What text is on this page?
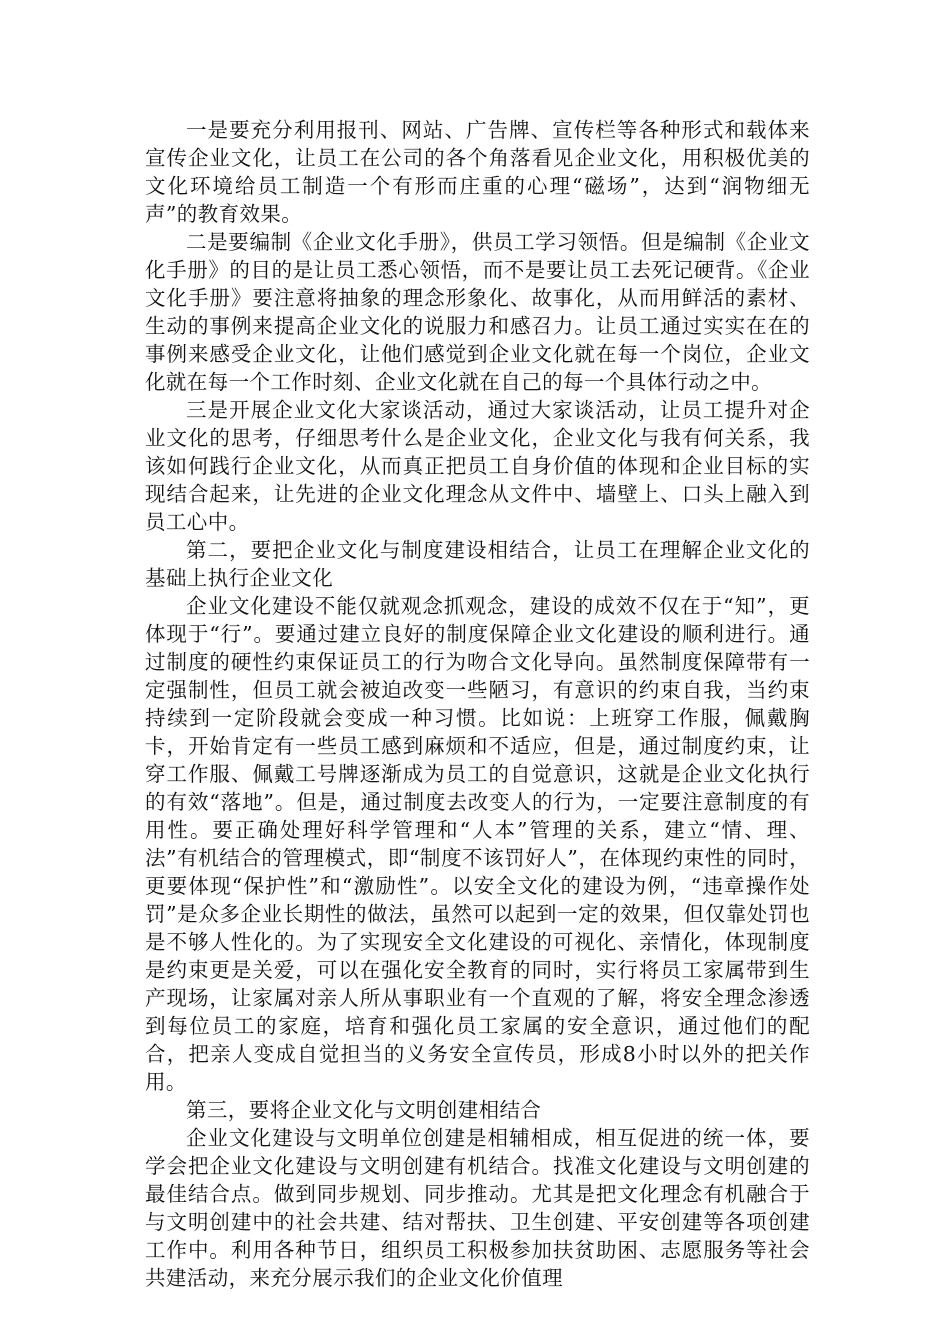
一是要充分利用报刊、网站、广告牌、宣传栏等各种形式和载体来宣传企业文化，让员工在公司的各个角落看见企业文化，用积极优美的文化环境给员工制造一个有形而庄重的心理“磁场”，达到“润物细无声”的教育效果。

二是要编制《企业文化手册》，供员工学习领悟。但是编制《企业文化手册》的目的是让员工悉心领悟，而不是要让员工去死记硬背。《企业文化手册》要注意将抽象的理念形象化、故事化，从而用鲜活的素材、生动的事例来提高企业文化的说服力和感召力。让员工通过实实在在的事例来感受企业文化，让他们感觉到企业文化就在每一个岗位，企业文化就在每一个工作时刻、企业文化就在自己的每一个具体行动之中。

三是开展企业文化大家谈活动，通过大家谈活动，让员工提升对企业文化的思考，仔细思考什么是企业文化，企业文化与我有何关系，我该如何践行企业文化，从而真正把员工自身价值的体现和企业目标的实现结合起来，让先进的企业文化理念从文件中、墙壁上、口头上融入到员工心中。

第二，要把企业文化与制度建设相结合，让员工在理解企业文化的基础上执行企业文化

企业文化建设不能仅就观念抓观念，建设的成效不仅在于“知”，更体现于“行”。要通过建立良好的制度保障企业文化建设的顺利进行。通过制度的硬性约束保证员工的行为吻合文化导向。虽然制度保障带有一定强制性，但员工就会被迫改变一些陋习，有意识的约束自我，当约束持续到一定阶段就会变成一种习惯。比如说：上班穿工作服，佩戴胸卡，开始肯定有一些员工感到麻烦和不适应，但是，通过制度约束，让穿工作服、佩戴工号牌逐渐成为员工的自觉意识，这就是企业文化执行的有效“落地”。但是，通过制度去改变人的行为，一定要注意制度的有用性。要正确处理好科学管理和“人本”管理的关系，建立“情、理、法”有机结合的管理模式，即“制度不该罚好人”，在体现约束性的同时，更要体现“保护性”和“激励性”。以安全文化的建设为例，“违章操作处罚”是众多企业长期性的做法，虽然可以起到一定的效果，但仅靠处罚也是不够人性化的。为了实现安全文化建设的可视化、亲情化，体现制度是约束更是关爱，可以在强化安全教育的同时，实行将员工家属带到生产现场，让家属对亲人所从事职业有一个直观的了解，将安全理念渗透到每位员工的家庭，培育和强化员工家属的安全意识，通过他们的配合，把亲人变成自觉担当的义务安全宣传员，形成8小时以外的把关作用。

第三，要将企业文化与文明创建相结合

企业文化建设与文明单位创建是相辅相成，相互促进的统一体，要学会把企业文化建设与文明创建有机结合。找准文化建设与文明创建的最佳结合点。做到同步规划、同步推动。尤其是把文化理念有机融合于与文明创建中的社会共建、结对帮扶、卫生创建、平安创建等各项创建工作中。利用各种节日，组织员工积极参加扶贫助困、志愿服务等社会共建活动，来充分展示我们的企业文化价值理
